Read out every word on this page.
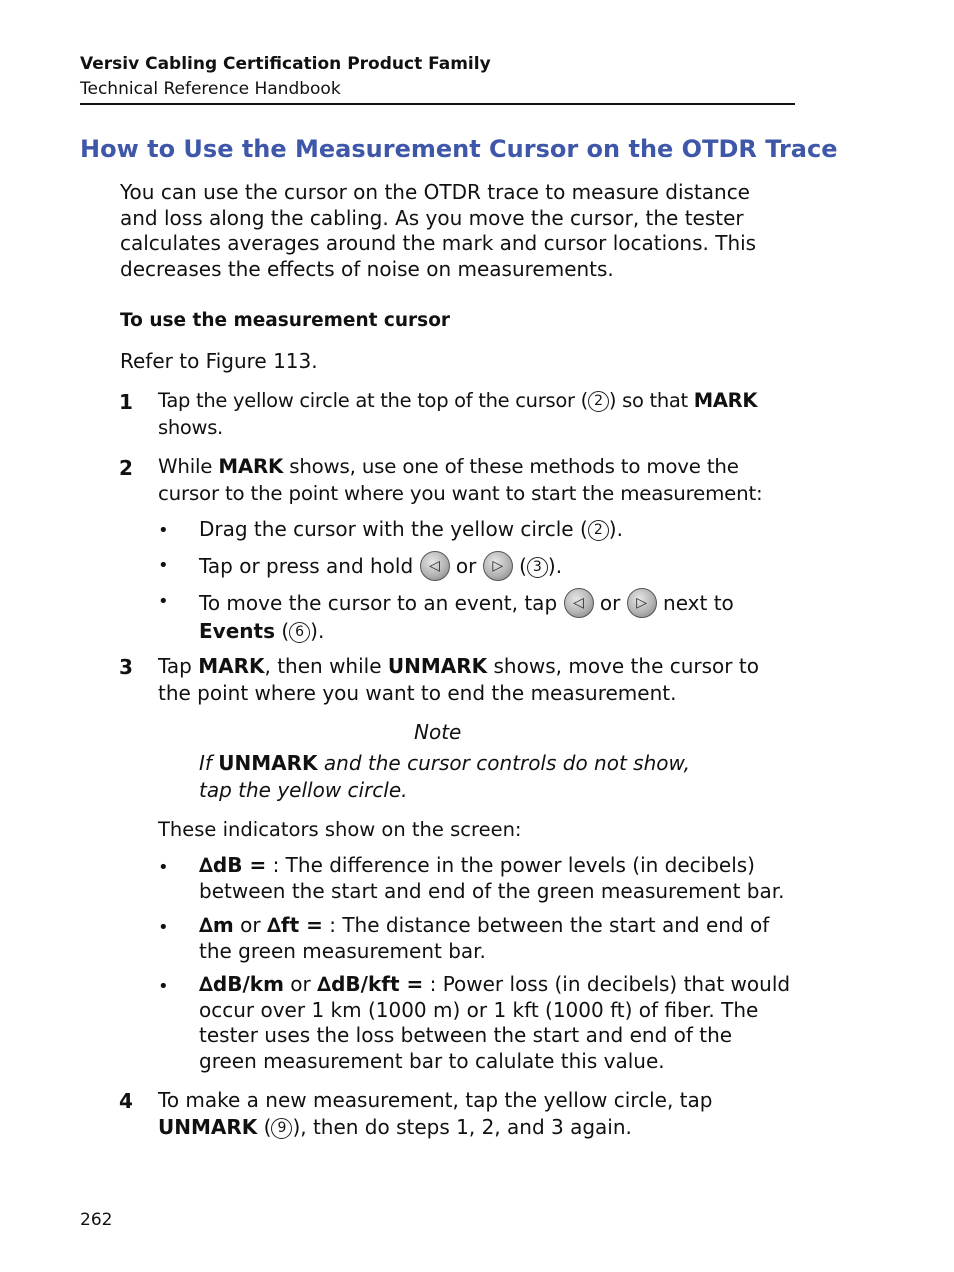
Versiv Cabling Certification Product Family
Technical Reference Handbook
How to Use the Measurement Cursor on the OTDR Trace
You can use the cursor on the OTDR trace to measure distance
and loss along the cabling. As you move the cursor, the tester
calculates averages around the mark and cursor locations. This
decreases the effects of noise on measurements.
To use the measurement cursor
Refer to Figure 113.
1 Tap the yellow circle at the top of the cursor ( 2 ) so that MARK
shows.
2 While MARK shows, use one of these methods to move the
cursor to the point where you want to start the measurement:
• Drag the cursor with the yellow circle ( 2 ).
• Tap or press and hold ◁ or ▷ ( 3 ).
• To move the cursor to an event, tap ◁ or ▷ next to
Events ( 6 ).
3 Tap MARK, then while UNMARK shows, move the cursor to
the point where you want to end the measurement.
Note
If UNMARK and the cursor controls do not show,
tap the yellow circle.
These indicators show on the screen:
• ∆dB = : The difference in the power levels (in decibels)
between the start and end of the green measurement bar.
• ∆m or ∆ft = : The distance between the start and end of
the green measurement bar.
• ∆dB/km or ∆dB/kft = : Power loss (in decibels) that would
occur over 1 km (1000 m) or 1 kft (1000 ft) of fiber. The
tester uses the loss between the start and end of the
green measurement bar to calulate this value.
4 To make a new measurement, tap the yellow circle, tap
UNMARK ( 9 ), then do steps 1, 2, and 3 again.
262
